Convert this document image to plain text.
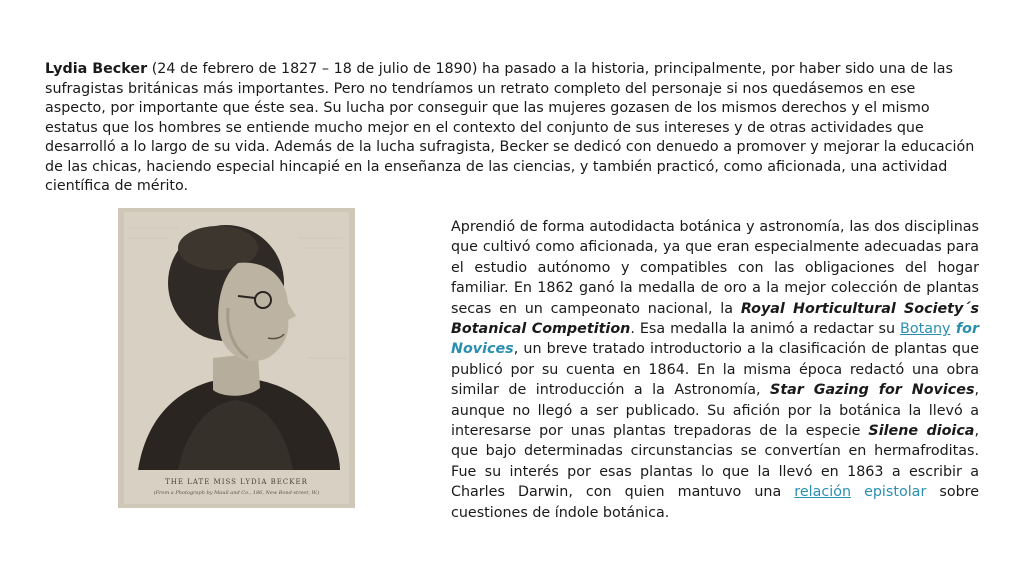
Lydia Becker (24 de febrero de 1827 – 18 de julio de 1890) ha pasado a la historia, principalmente, por haber sido una de las sufragistas británicas más importantes. Pero no tendríamos un retrato completo del personaje si nos quedásemos en ese aspecto, por importante que éste sea. Su lucha por conseguir que las mujeres gozasen de los mismos derechos y el mismo estatus que los hombres se entiende mucho mejor en el contexto del conjunto de sus intereses y de otras actividades que desarrolló a lo largo de su vida. Además de la lucha sufragista, Becker se dedicó con denuedo a promover y mejorar la educación de las chicas, haciendo especial hincapié en la enseñanza de las ciencias, y también practicó, como aficionada, una actividad científica de mérito.

THE LATE MISS LYDIA BECKER
(From a Photograph by Maull and Co., 186, New Bond-street, W.)

Aprendió de forma autodidacta botánica y astronomía, las dos disciplinas que cultivó como aficionada, ya que eran especialmente adecuadas para el estudio autónomo y compatibles con las obligaciones del hogar familiar. En 1862 ganó la medalla de oro a la mejor colección de plantas secas en un campeonato nacional, la Royal Horticultural Society´s Botanical Competition. Esa medalla la animó a redactar su Botany for Novices, un breve tratado introductorio a la clasificación de plantas que publicó por su cuenta en 1864. En la misma época redactó una obra similar de introducción a la Astronomía, Star Gazing for Novices, aunque no llegó a ser publicado. Su afición por la botánica la llevó a interesarse por unas plantas trepadoras de la especie Silene dioica, que bajo determinadas circunstancias se convertían en hermafroditas. Fue su interés por esas plantas lo que la llevó en 1863 a escribir a Charles Darwin, con quien mantuvo una relación epistolar sobre cuestiones de índole botánica.
